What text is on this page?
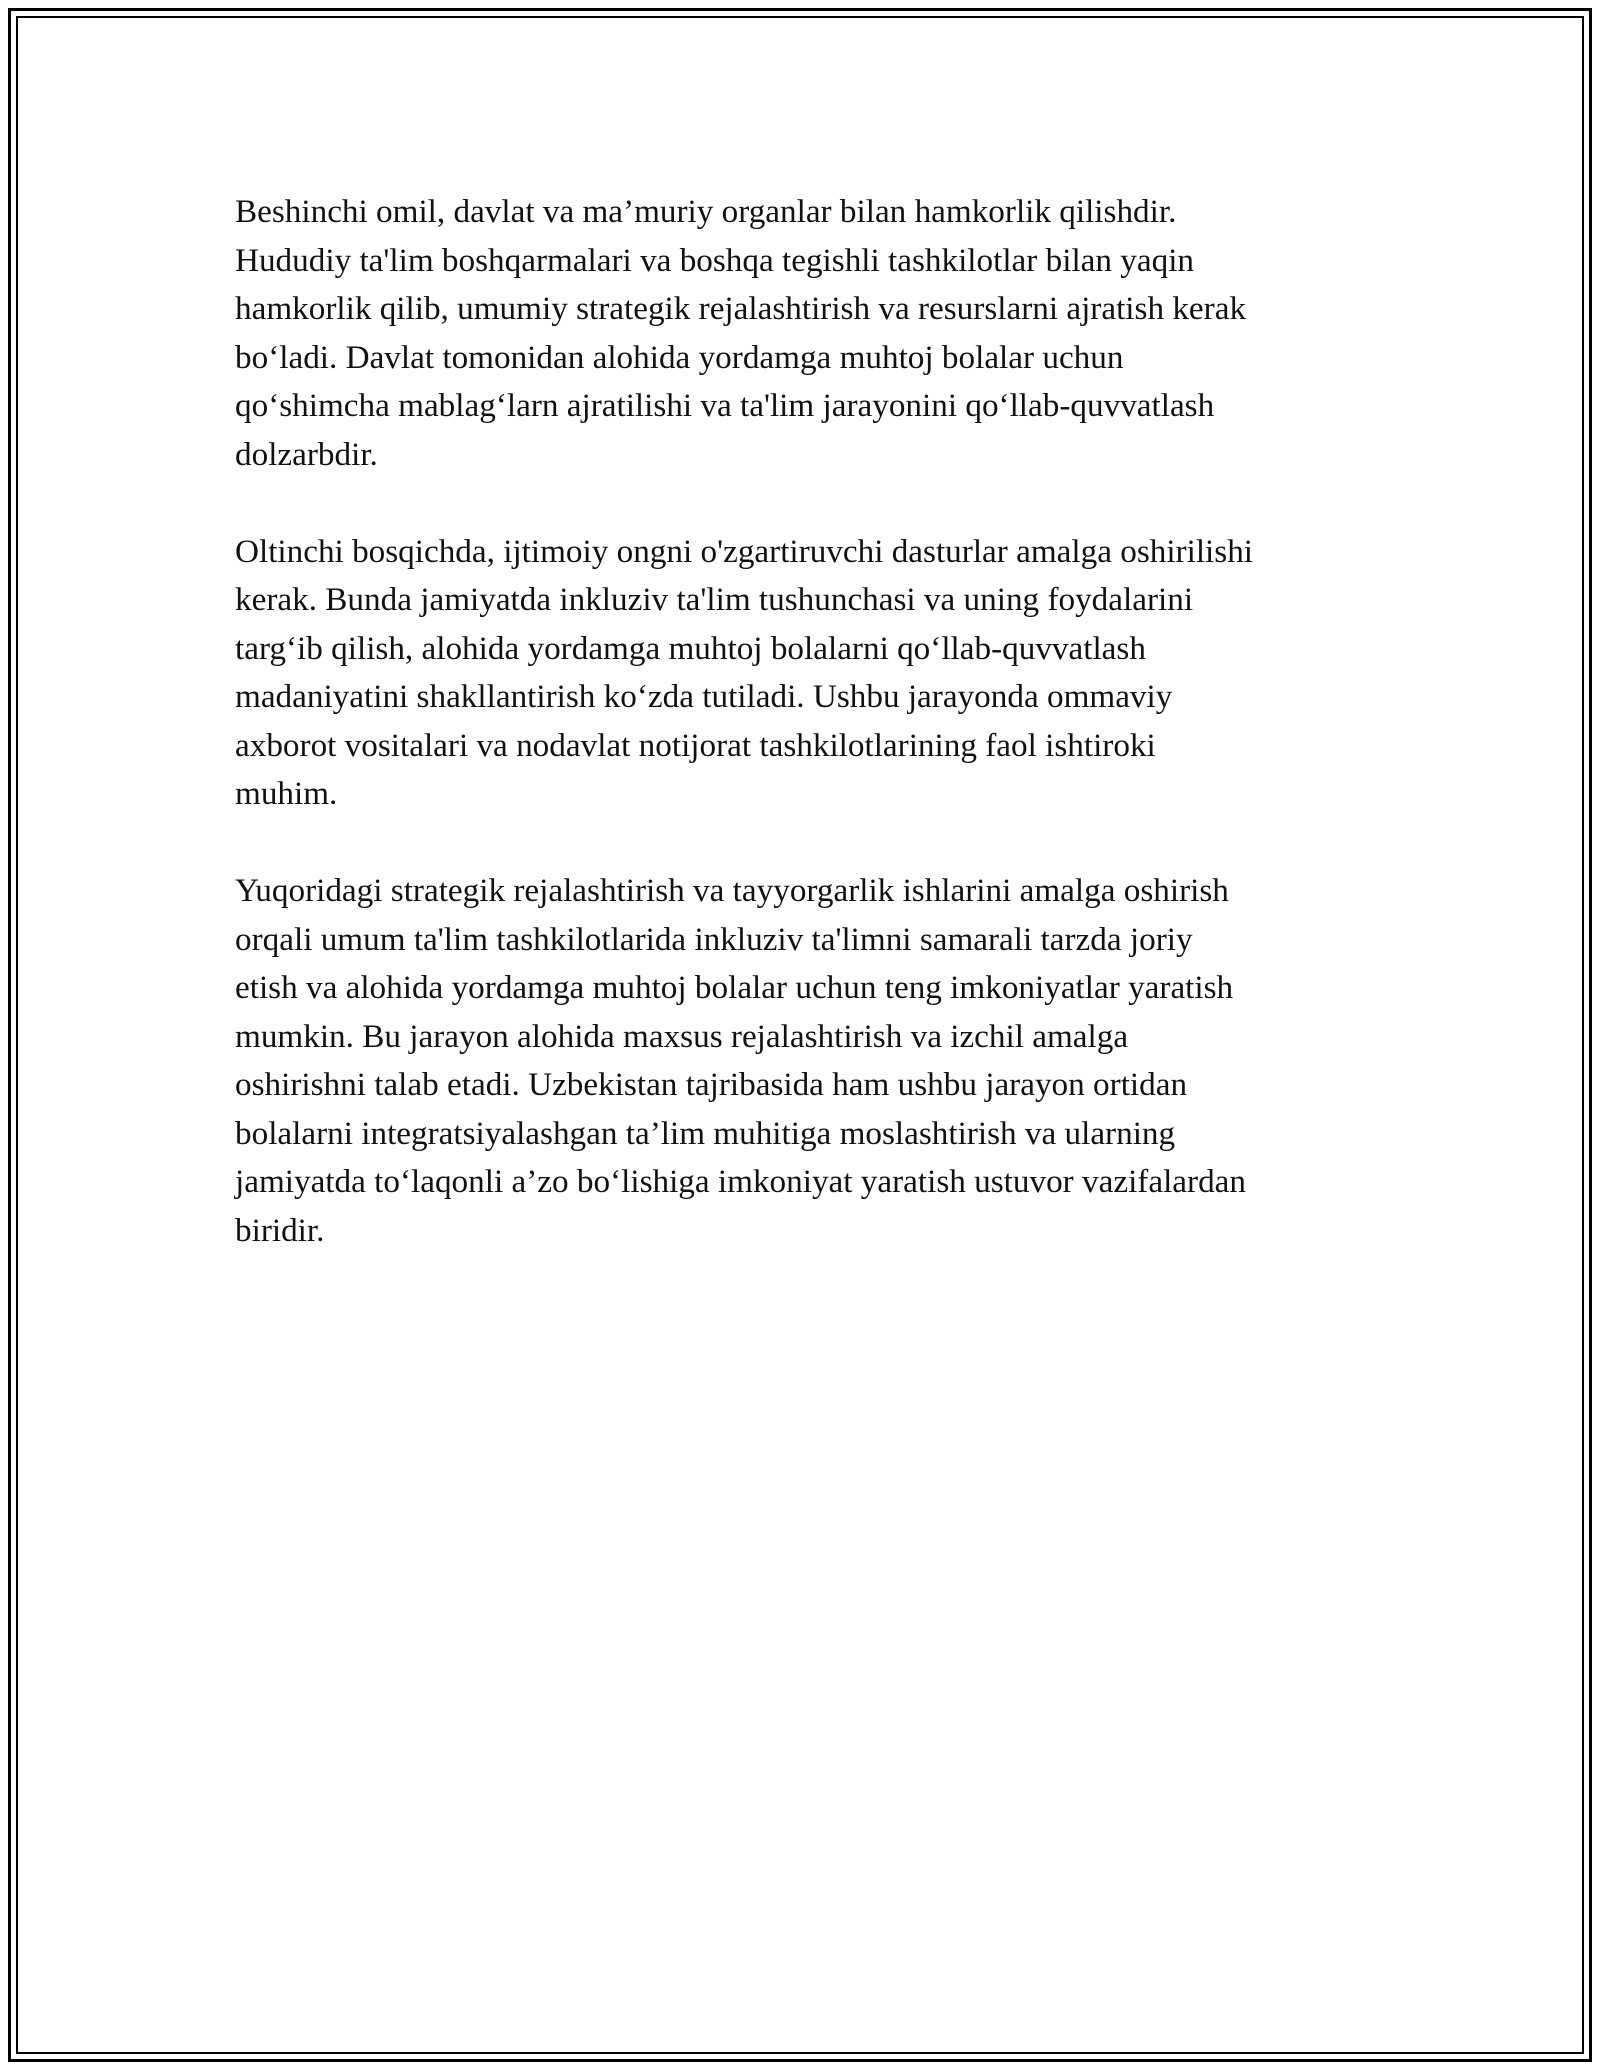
Beshinchi omil, davlat va ma’muriy organlar bilan hamkorlik qilishdir.
Hududiy ta'lim boshqarmalari va boshqa tegishli tashkilotlar bilan yaqin
hamkorlik qilib, umumiy strategik rejalashtirish va resurslarni ajratish kerak
bo‘ladi. Davlat tomonidan alohida yordamga muhtoj bolalar uchun
qo‘shimcha mablag‘larn ajratilishi va ta'lim jarayonini qo‘llab-quvvatlash
dolzarbdir.

Oltinchi bosqichda, ijtimoiy ongni o'zgartiruvchi dasturlar amalga oshirilishi
kerak. Bunda jamiyatda inkluziv ta'lim tushunchasi va uning foydalarini
targ‘ib qilish, alohida yordamga muhtoj bolalarni qo‘llab-quvvatlash
madaniyatini shakllantirish ko‘zda tutiladi. Ushbu jarayonda ommaviy
axborot vositalari va nodavlat notijorat tashkilotlarining faol ishtiroki
muhim.

Yuqoridagi strategik rejalashtirish va tayyorgarlik ishlarini amalga oshirish
orqali umum ta'lim tashkilotlarida inkluziv ta'limni samarali tarzda joriy
etish va alohida yordamga muhtoj bolalar uchun teng imkoniyatlar yaratish
mumkin. Bu jarayon alohida maxsus rejalashtirish va izchil amalga
oshirishni talab etadi. Uzbekistan tajribasida ham ushbu jarayon ortidan
bolalarni integratsiyalashgan ta’lim muhitiga moslashtirish va ularning
jamiyatda to‘laqonli a’zo bo‘lishiga imkoniyat yaratish ustuvor vazifalardan
biridir.
